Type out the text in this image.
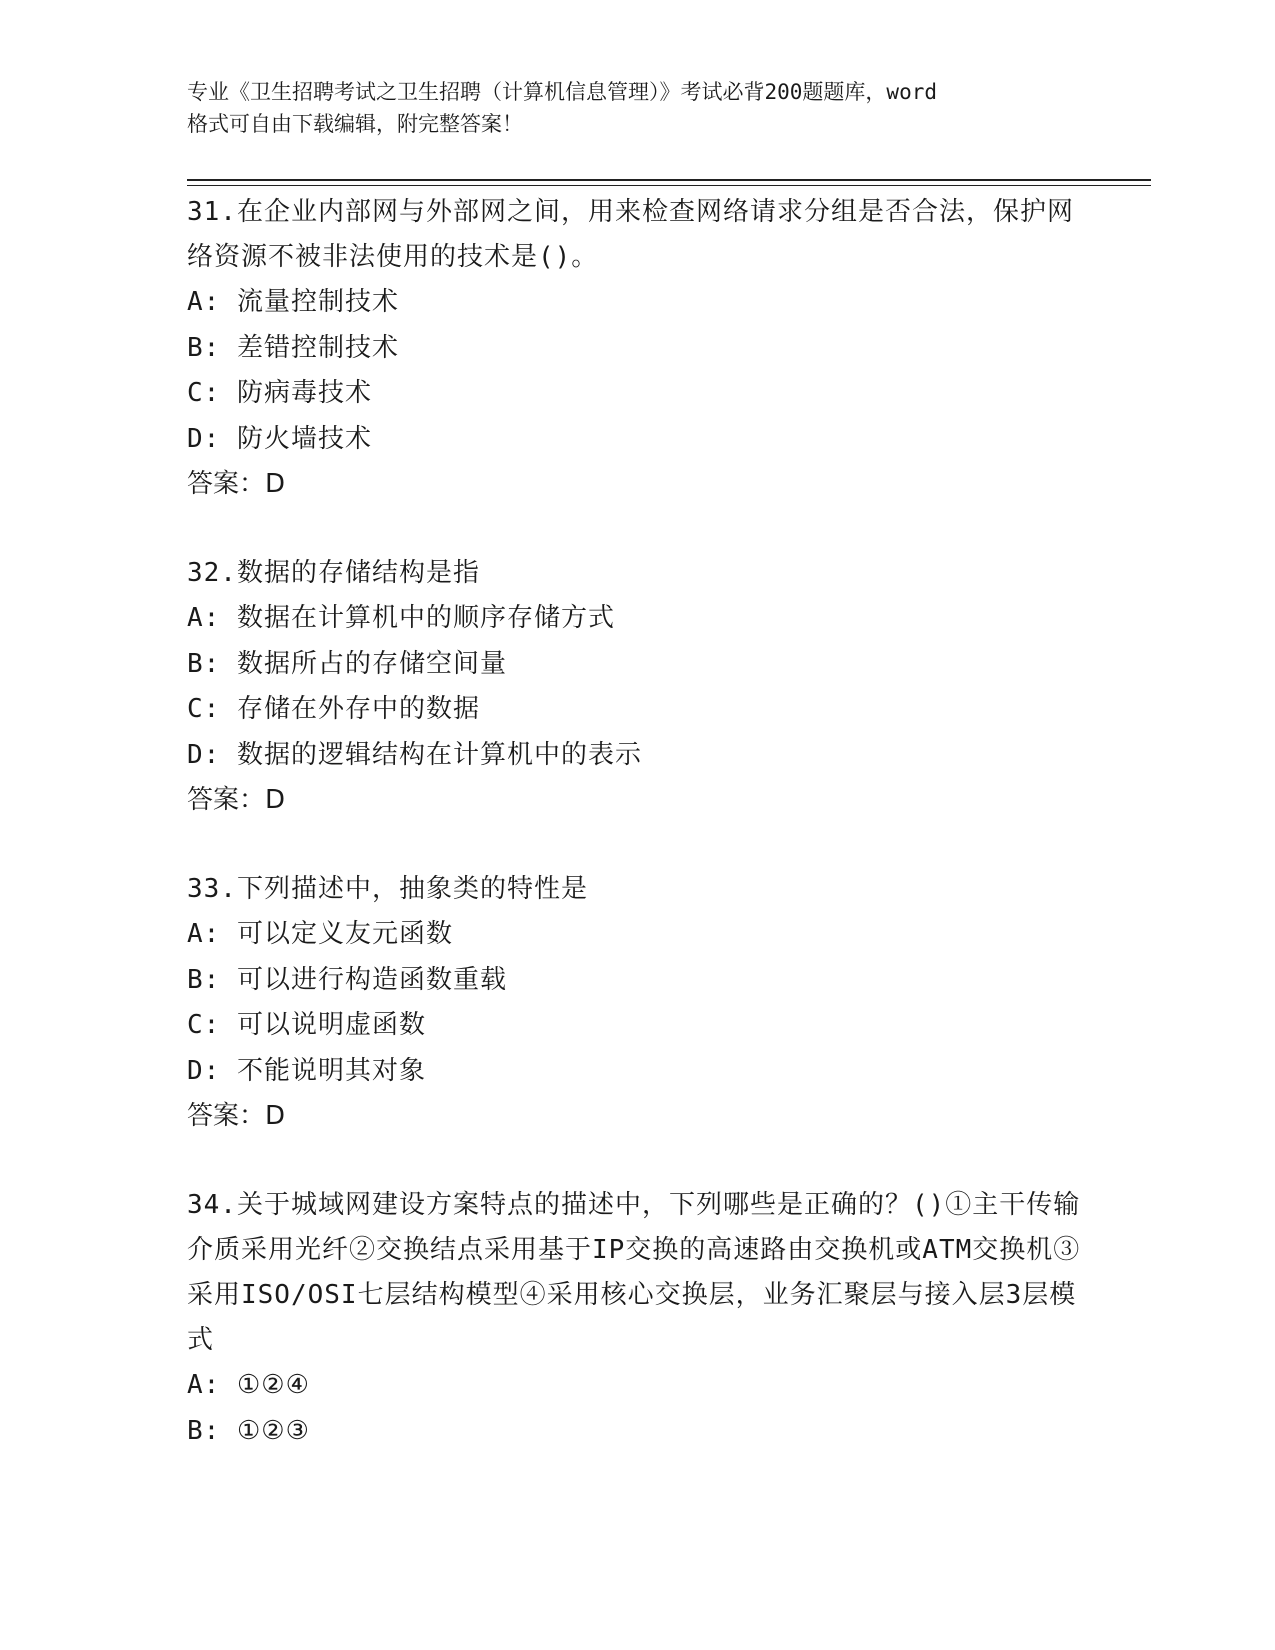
专业《卫生招聘考试之卫生招聘（计算机信息管理）》考试必背200题题库，word
格式可自由下载编辑，附完整答案！
31.在企业内部网与外部网之间，用来检查网络请求分组是否合法，保护网络资源不被非法使用的技术是()。
A: 流量控制技术
B: 差错控制技术
C: 防病毒技术
D: 防火墙技术
答案：D
32.数据的存储结构是指
A: 数据在计算机中的顺序存储方式
B: 数据所占的存储空间量
C: 存储在外存中的数据
D: 数据的逻辑结构在计算机中的表示
答案：D
33.下列描述中，抽象类的特性是
A: 可以定义友元函数
B: 可以进行构造函数重载
C: 可以说明虚函数
D: 不能说明其对象
答案：D
34.关于城域网建设方案特点的描述中，下列哪些是正确的？()①主干传输介质采用光纤②交换结点采用基于IP交换的高速路由交换机或ATM交换机③采用ISO/OSI七层结构模型④采用核心交换层，业务汇聚层与接入层3层模式
A: ①②④
B: ①②③
